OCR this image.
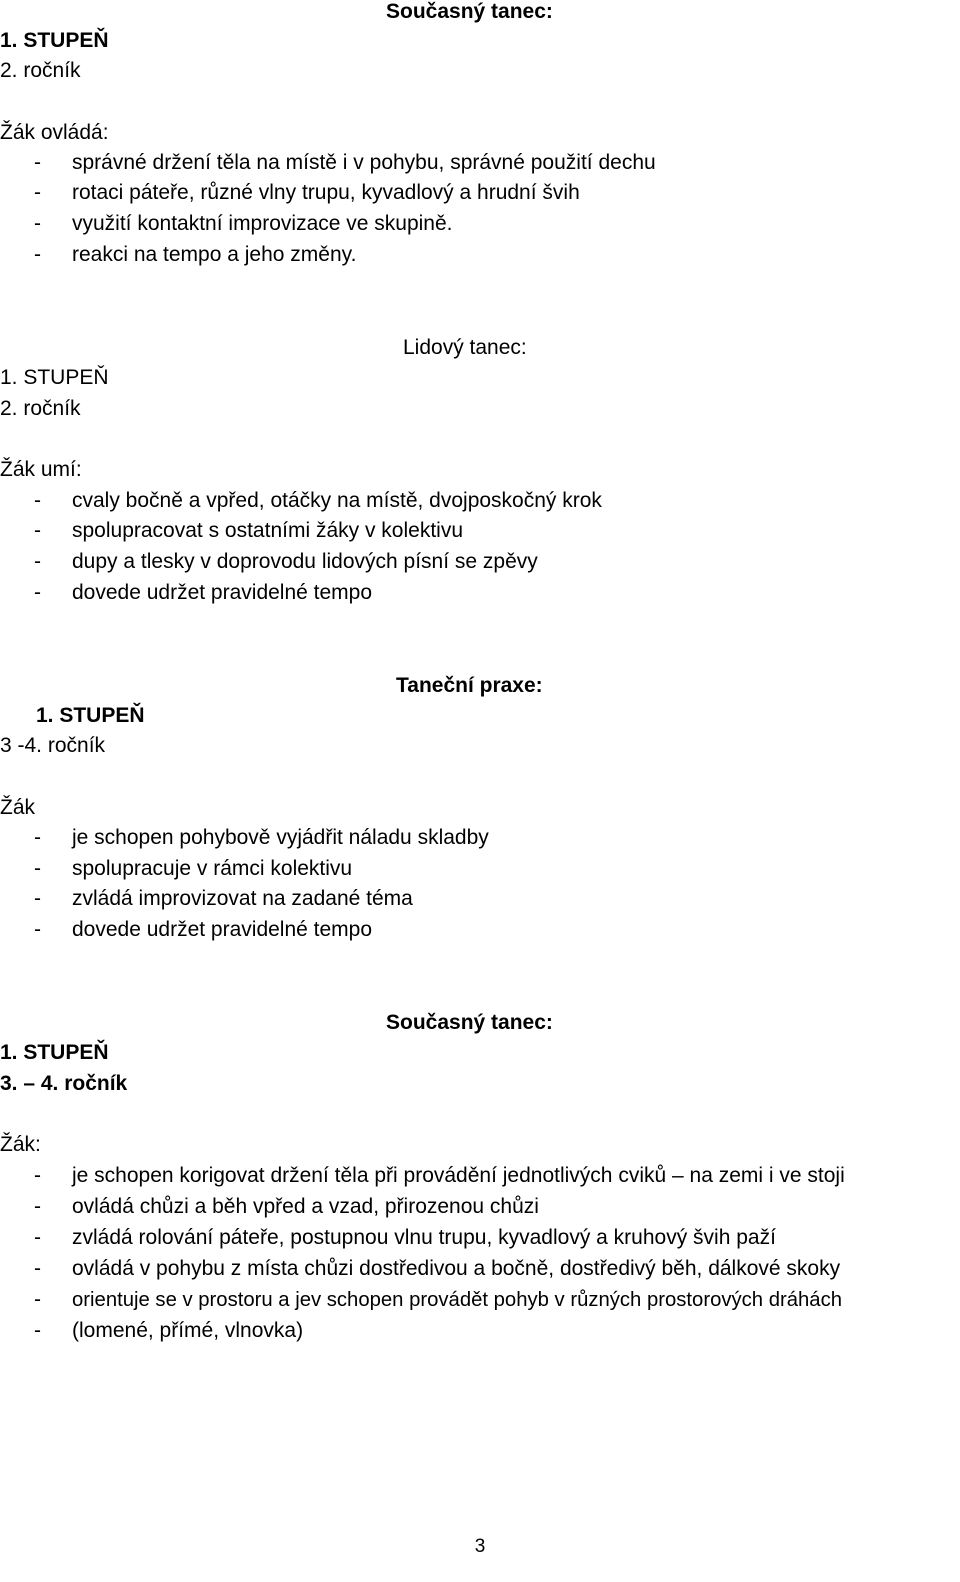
Současný tanec:
1. STUPEŇ
2. ročník
Žák ovládá:
- správné držení těla na místě i v pohybu, správné použití dechu
- rotaci páteře, různé vlny trupu, kyvadlový a hrudní švih
- využití kontaktní improvizace ve skupině.
- reakci na tempo a jeho změny.
Lidový tanec:
1. STUPEŇ
2. ročník
Žák umí:
- cvaly bočně a vpřed, otáčky na místě, dvojposkočný krok
- spolupracovat s ostatními žáky v kolektivu
- dupy a tlesky v doprovodu lidových písní se zpěvy
- dovede udržet pravidelné tempo
Taneční praxe:
1. STUPEŇ
3 -4. ročník
Žák
- je schopen pohybově vyjádřit náladu skladby
- spolupracuje v rámci kolektivu
- zvládá improvizovat na zadané téma
- dovede udržet pravidelné tempo
Současný tanec:
1. STUPEŇ
3. – 4. ročník
Žák:
- je schopen korigovat držení těla při provádění jednotlivých cviků – na zemi i ve stoji
- ovládá chůzi a běh vpřed a vzad, přirozenou chůzi
- zvládá rolování páteře, postupnou vlnu trupu, kyvadlový a kruhový švih paží
- ovládá v pohybu z místa chůzi dostředivou a bočně, dostředivý běh, dálkové skoky
- orientuje se v prostoru a jev schopen provádět pohyb v různých prostorových dráhách
- (lomené, přímé, vlnovka)
3
